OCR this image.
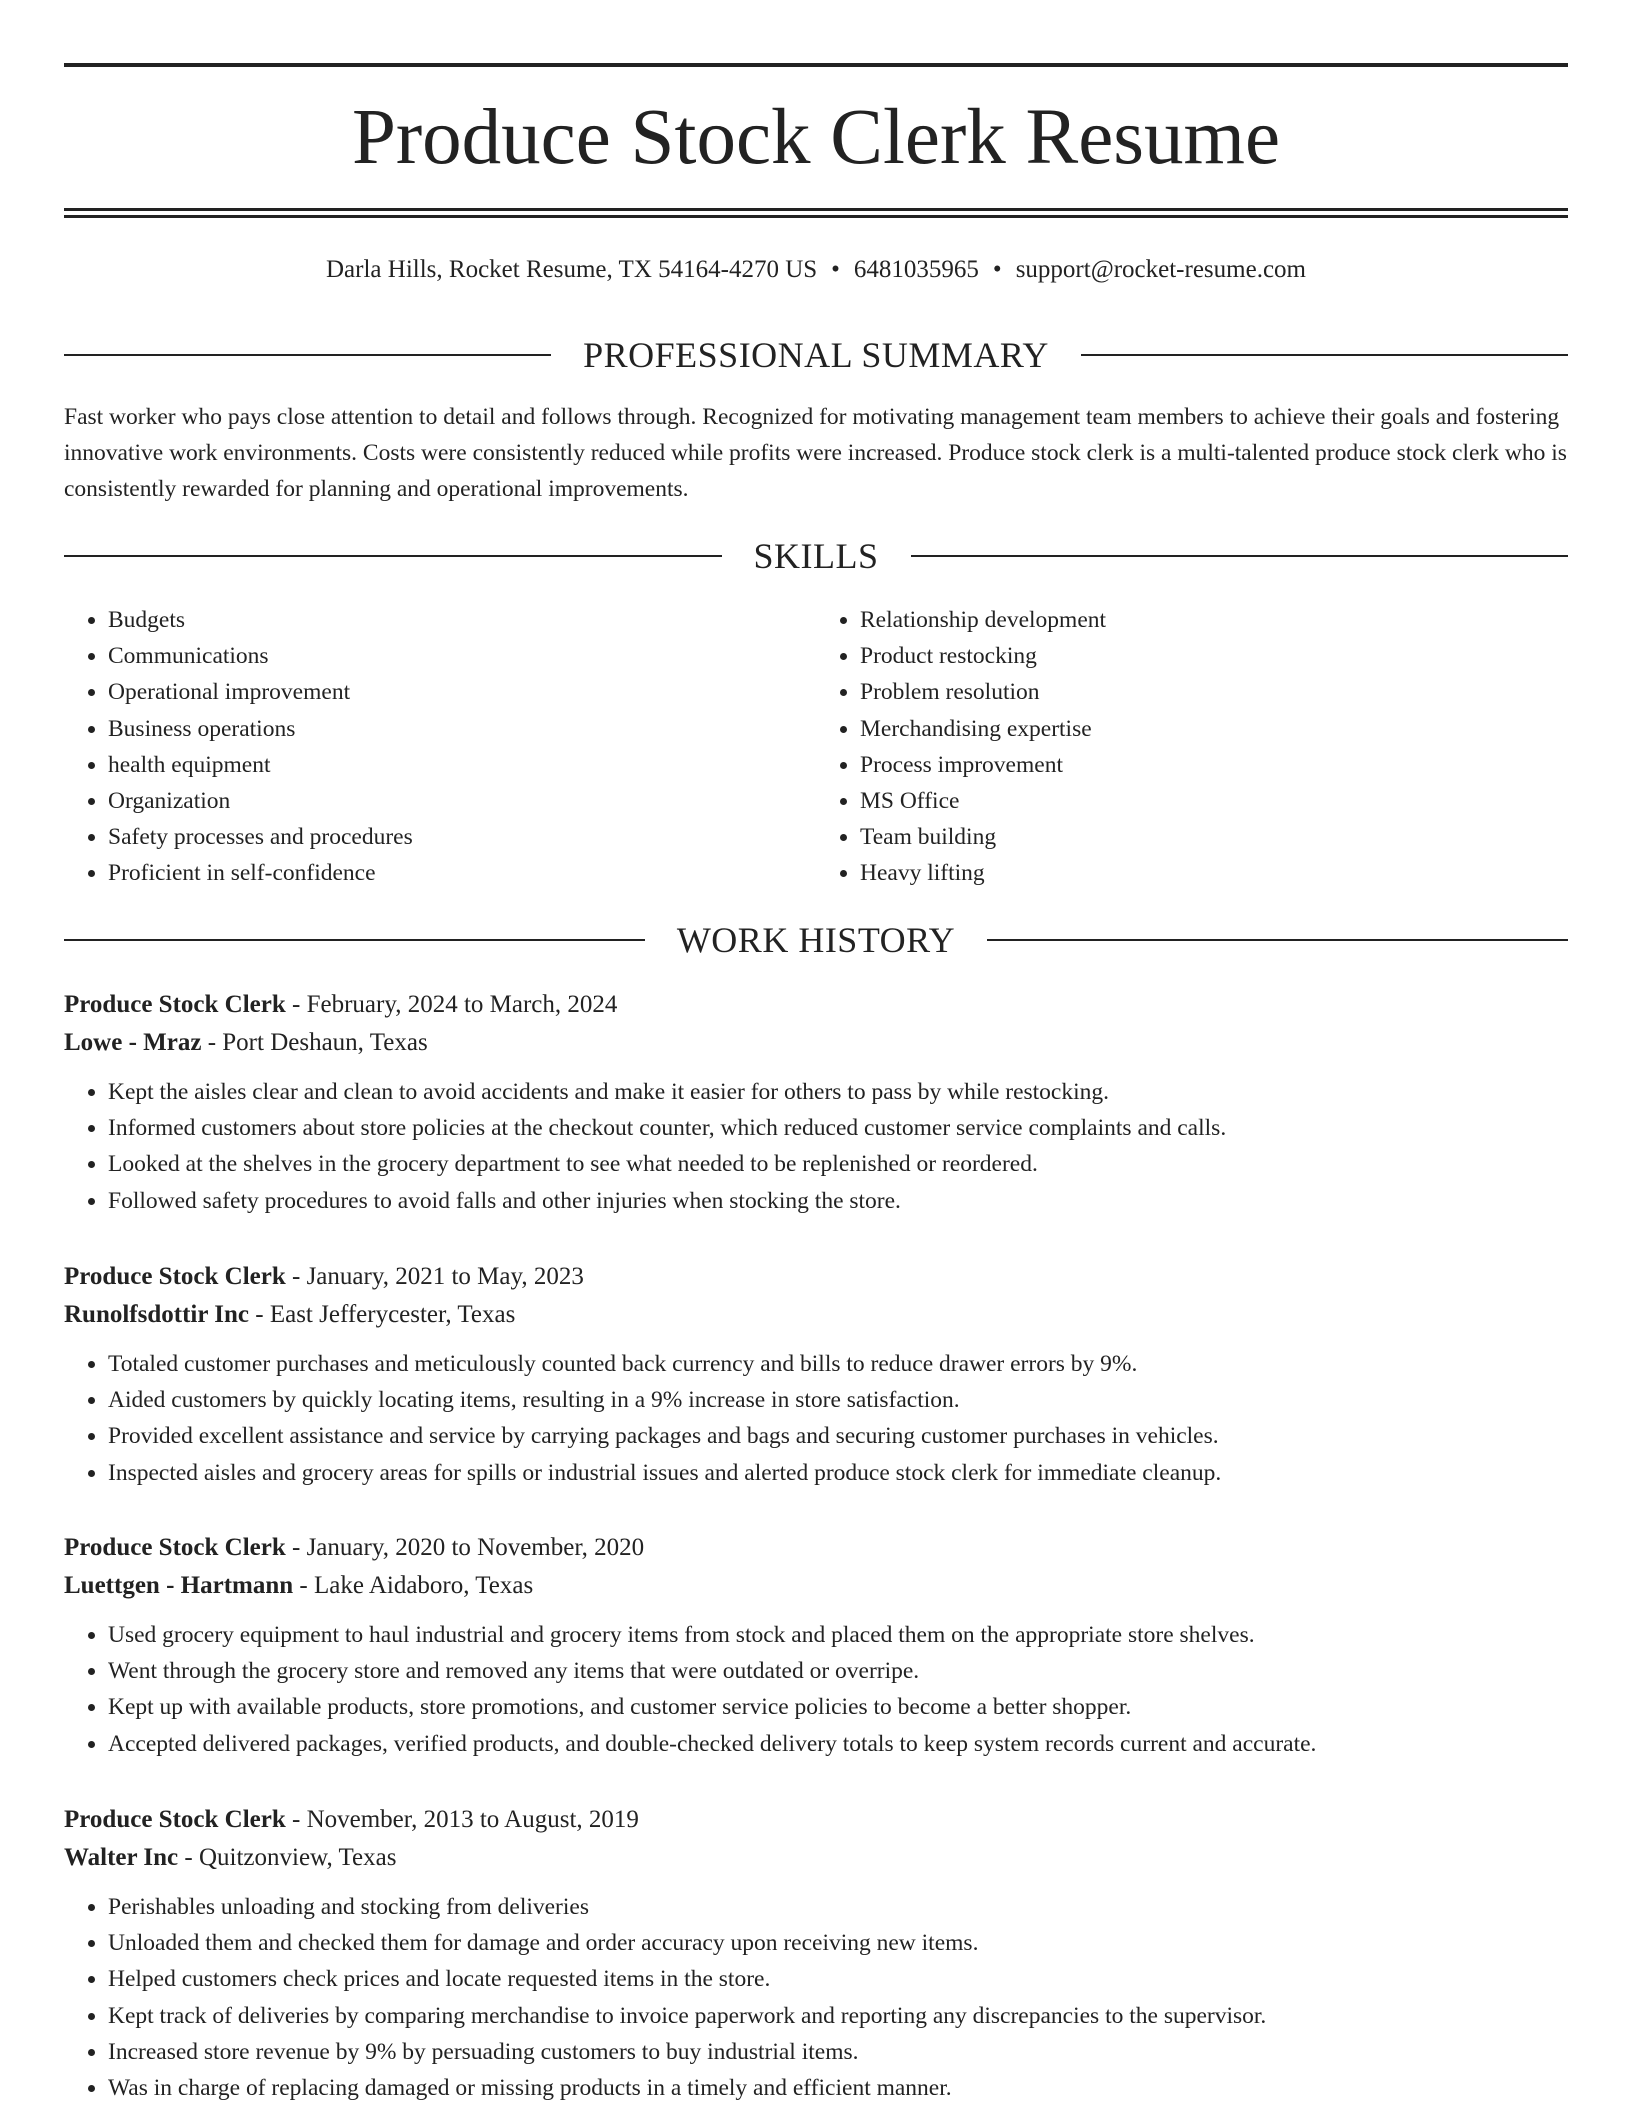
Produce Stock Clerk Resume
Darla Hills, Rocket Resume, TX 54164-4270 US • 6481035965 • support@rocket-resume.com
PROFESSIONAL SUMMARY

Fast worker who pays close attention to detail and follows through. Recognized for motivating management team members to achieve their goals and fostering innovative work environments. Costs were consistently reduced while profits were increased. Produce stock clerk is a multi-talented produce stock clerk who is consistently rewarded for planning and operational improvements.

SKILLS
• Budgets
• Communications
• Operational improvement
• Business operations
• health equipment
• Organization
• Safety processes and procedures
• Proficient in self-confidence
• Relationship development
• Product restocking
• Problem resolution
• Merchandising expertise
• Process improvement
• MS Office
• Team building
• Heavy lifting
WORK HISTORY
Produce Stock Clerk - February, 2024 to March, 2024
Lowe - Mraz - Port Deshaun, Texas
• Kept the aisles clear and clean to avoid accidents and make it easier for others to pass by while restocking.
• Informed customers about store policies at the checkout counter, which reduced customer service complaints and calls.
• Looked at the shelves in the grocery department to see what needed to be replenished or reordered.
• Followed safety procedures to avoid falls and other injuries when stocking the store.
Produce Stock Clerk - January, 2021 to May, 2023
Runolfsdottir Inc - East Jefferycester, Texas
• Totaled customer purchases and meticulously counted back currency and bills to reduce drawer errors by 9%.
• Aided customers by quickly locating items, resulting in a 9% increase in store satisfaction.
• Provided excellent assistance and service by carrying packages and bags and securing customer purchases in vehicles.
• Inspected aisles and grocery areas for spills or industrial issues and alerted produce stock clerk for immediate cleanup.
Produce Stock Clerk - January, 2020 to November, 2020
Luettgen - Hartmann - Lake Aidaboro, Texas
• Used grocery equipment to haul industrial and grocery items from stock and placed them on the appropriate store shelves.
• Went through the grocery store and removed any items that were outdated or overripe.
• Kept up with available products, store promotions, and customer service policies to become a better shopper.
• Accepted delivered packages, verified products, and double-checked delivery totals to keep system records current and accurate.
Produce Stock Clerk - November, 2013 to August, 2019
Walter Inc - Quitzonview, Texas
• Perishables unloading and stocking from deliveries
• Unloaded them and checked them for damage and order accuracy upon receiving new items.
• Helped customers check prices and locate requested items in the store.
• Kept track of deliveries by comparing merchandise to invoice paperwork and reporting any discrepancies to the supervisor.
• Increased store revenue by 9% by persuading customers to buy industrial items.
• Was in charge of replacing damaged or missing products in a timely and efficient manner.
